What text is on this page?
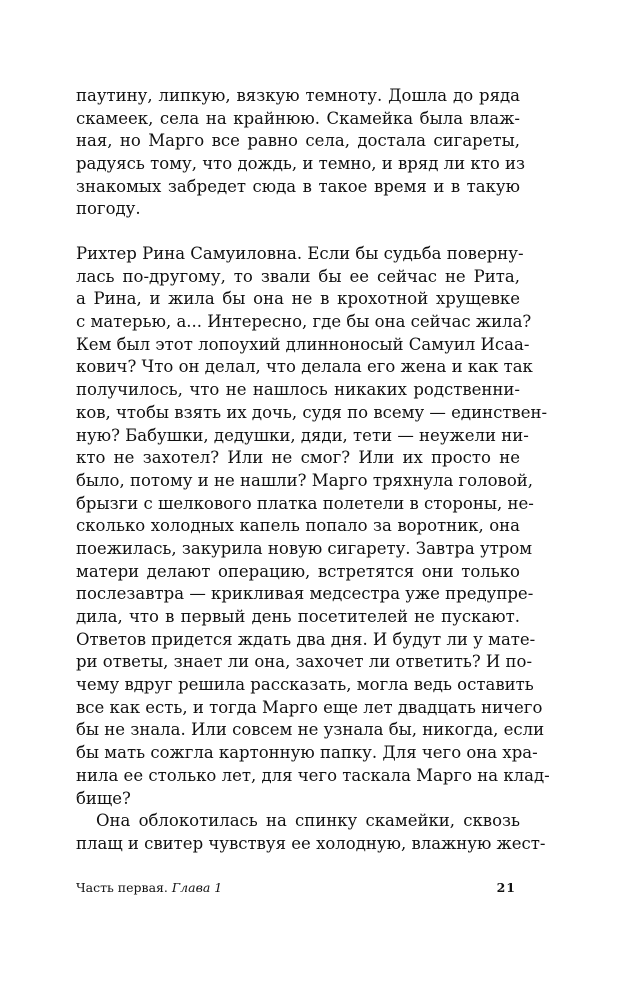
паутину, липкую, вязкую темноту. Дошла до ряда
скамеек, села на крайнюю. Скамейка была влаж-
ная, но Марго все равно села, достала сигареты,
радуясь тому, что дождь, и темно, и вряд ли кто из
знакомых забредет сюда в такое время и в такую
погоду.
Рихтер Рина Самуиловна. Если бы судьба поверну-
лась по-другому, то звали бы ее сейчас не Рита,
а Рина, и жила бы она не в крохотной хрущевке
с матерью, а... Интересно, где бы она сейчас жила?
Кем был этот лопоухий длинноносый Самуил Исаа-
кович? Что он делал, что делала его жена и как так
получилось, что не нашлось никаких родственни-
ков, чтобы взять их дочь, судя по всему — единствен-
ную? Бабушки, дедушки, дяди, тети — неужели ни-
кто не захотел? Или не смог? Или их просто не
было, потому и не нашли? Марго тряхнула головой,
брызги с шелкового платка полетели в стороны, не-
сколько холодных капель попало за воротник, она
поежилась, закурила новую сигарету. Завтра утром
матери делают операцию, встретятся они только
послезавтра — крикливая медсестра уже предупре-
дила, что в первый день посетителей не пускают.
Ответов придется ждать два дня. И будут ли у мате-
ри ответы, знает ли она, захочет ли ответить? И по-
чему вдруг решила рассказать, могла ведь оставить
все как есть, и тогда Марго еще лет двадцать ничего
бы не знала. Или совсем не узнала бы, никогда, если
бы мать сожгла картонную папку. Для чего она хра-
нила ее столько лет, для чего таскала Марго на клад-
бище?
Она облокотилась на спинку скамейки, сквозь
плащ и свитер чувствуя ее холодную, влажную жест-
Часть первая. Глава 1	21
